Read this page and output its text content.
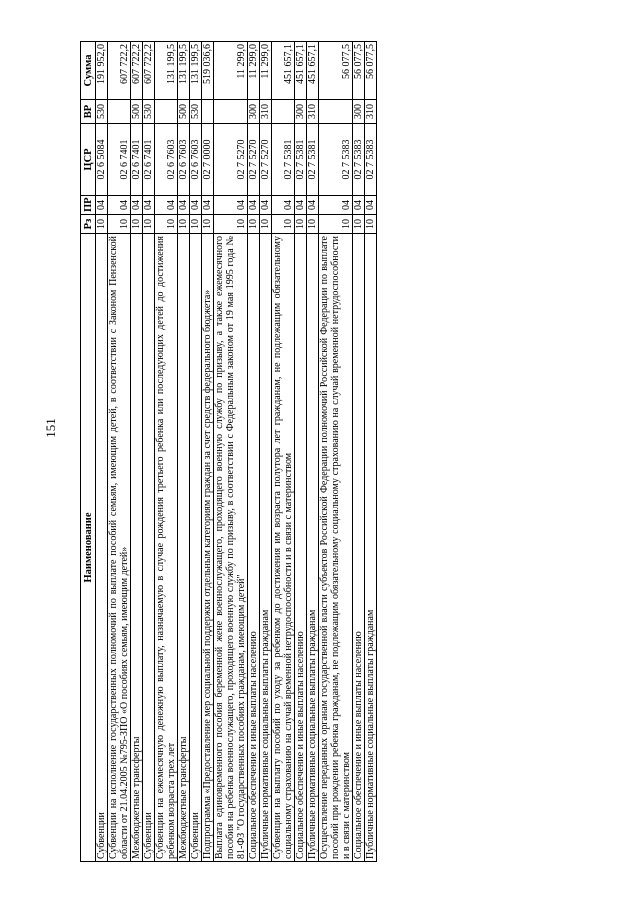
151
Наименование	Рз	ПР	ЦСР	ВР	Сумма
Субвенции	10	04	02 6 5084	530	191 952,0
Субвенции на исполнение государственных полномочий по выплате пособий семьям, имеющим детей, в соответствии с Законом Пензенской области от 21.04.2005 №795-ЗПО «О пособиях семьям, имеющим детей»	10	04	02 6 7401		607 722,2
Межбюджетные трансферты	10	04	02 6 7401	500	607 722,2
Субвенции	10	04	02 6 7401	530	607 722,2
Субвенции на ежемесячную денежную выплату, назначаемую в случае рождения третьего ребенка или последующих детей до достижения ребенком возраста трех лет	10	04	02 6 7603		131 199,5
Межбюджетные трансферты	10	04	02 6 7603	500	131 199,5
Субвенции	10	04	02 6 7603	530	131 199,5
Подпрограмма «Предоставление мер социальной поддержки отдельным категориям граждан за счет средств федерального бюджета»	10	04	02 7 0000		519 036,6
Выплата единовременного пособия беременной жене военнослужащего, проходящего военную службу по призыву, а также ежемесячного пособия на ребенка военнослужащего, проходящего военную службу по призыву, в соответствии с Федеральным законом от 19 мая 1995 года № 81-ФЗ "О государственных пособиях гражданам, имеющим детей"	10	04	02 7 5270		11 299,0
Социальное обеспечение и иные выплаты населению	10	04	02 7 5270	300	11 299,0
Публичные нормативные социальные выплаты гражданам	10	04	02 7 5270	310	11 299,0
Субвенции на выплату пособий по уходу за ребенком до достижения им возраста полутора лет гражданам, не подлежащим обязательному социальному страхованию на случай временной нетрудоспособности и в связи с материнством	10	04	02 7 5381		451 657,1
Социальное обеспечение и иные выплаты населению	10	04	02 7 5381	300	451 657,1
Публичные нормативные социальные выплаты гражданам	10	04	02 7 5381	310	451 657,1
Осуществление переданных органам государственной власти субъектов Российской Федерации полномочий Российской Федерации по выплате пособий при рождении ребенка гражданам, не подлежащим обязательному социальному страхованию на случай временной нетрудоспособности и в связи с материнством	10	04	02 7 5383		56 077,5
Социальное обеспечение и иные выплаты населению	10	04	02 7 5383	300	56 077,5
Публичные нормативные социальные выплаты гражданам	10	04	02 7 5383	310	56 077,5
